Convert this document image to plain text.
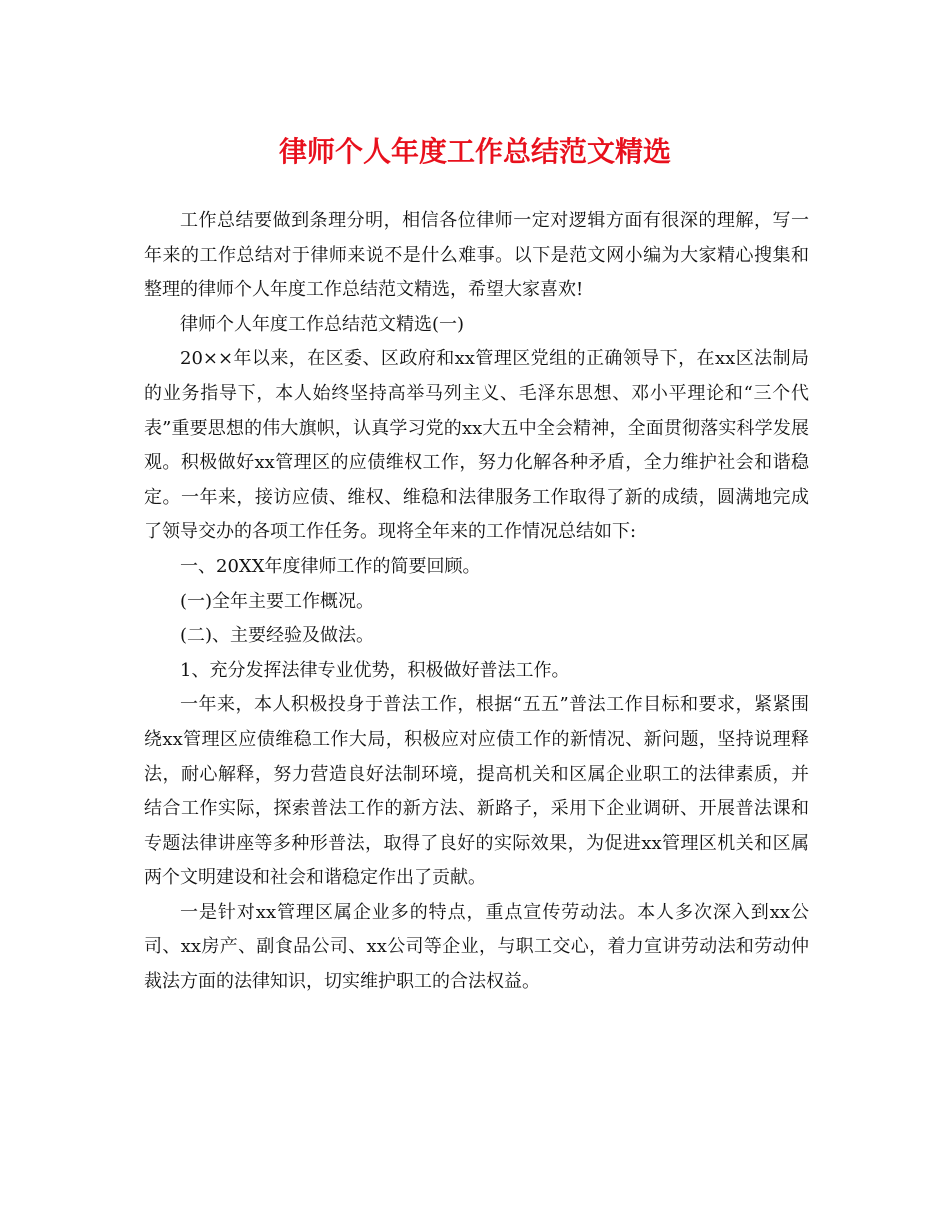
律师个人年度工作总结范文精选

工作总结要做到条理分明，相信各位律师一定对逻辑方面有很深的理解，写一年来的工作总结对于律师来说不是什么难事。以下是范文网小编为大家精心搜集和整理的律师个人年度工作总结范文精选，希望大家喜欢!

律师个人年度工作总结范文精选(一)

20××年以来，在区委、区政府和xx管理区党组的正确领导下，在xx区法制局的业务指导下，本人始终坚持高举马列主义、毛泽东思想、邓小平理论和“三个代表”重要思想的伟大旗帜，认真学习党的xx大五中全会精神，全面贯彻落实科学发展观。积极做好xx管理区的应债维权工作，努力化解各种矛盾，全力维护社会和谐稳定。一年来，接访应债、维权、维稳和法律服务工作取得了新的成绩，圆满地完成了领导交办的各项工作任务。现将全年来的工作情况总结如下:

一、20XX年度律师工作的简要回顾。

(一)全年主要工作概况。

(二)、主要经验及做法。

1、充分发挥法律专业优势，积极做好普法工作。

一年来，本人积极投身于普法工作，根据“五五”普法工作目标和要求，紧紧围绕xx管理区应债维稳工作大局，积极应对应债工作的新情况、新问题，坚持说理释法，耐心解释，努力营造良好法制环境，提高机关和区属企业职工的法律素质，并结合工作实际，探索普法工作的新方法、新路子，采用下企业调研、开展普法课和专题法律讲座等多种形普法，取得了良好的实际效果，为促进xx管理区机关和区属两个文明建设和社会和谐稳定作出了贡献。

一是针对xx管理区属企业多的特点，重点宣传劳动法。本人多次深入到xx公司、xx房产、副食品公司、xx公司等企业，与职工交心，着力宣讲劳动法和劳动仲裁法方面的法律知识，切实维护职工的合法权益。
